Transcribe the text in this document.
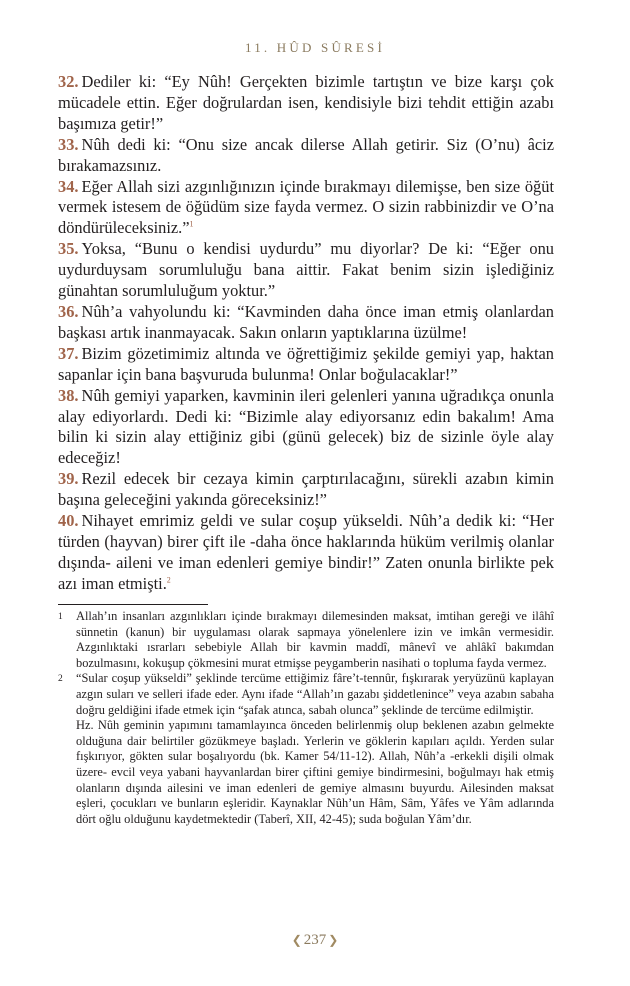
11. HÛD SÛRESİ

32. Dediler ki: “Ey Nûh! Gerçekten bizimle tartıştın ve bize karşı çok mücadele ettin. Eğer doğrulardan isen, kendisiyle bizi tehdit ettiğin azabı başımıza getir!”

33. Nûh dedi ki: “Onu size ancak dilerse Allah getirir. Siz (O’nu) âciz bırakamazsınız.

34. Eğer Allah sizi azgınlığınızın içinde bırakmayı dilemişse, ben size öğüt vermek istesem de öğüdüm size fayda vermez. O sizin rabbinizdir ve O’na döndürüleceksiniz.”$^1$

35. Yoksa, “Bunu o kendisi uydurdu” mu diyorlar? De ki: “Eğer onu uydurduysam sorumluluğu bana aittir. Fakat benim sizin işlediğiniz günahtan sorumluluğum yoktur.”

36. Nûh’a vahyolundu ki: “Kavminden daha önce iman etmiş olanlardan başkası artık inanmayacak. Sakın onların yaptıklarına üzülme!

37. Bizim gözetimimiz altında ve öğrettiğimiz şekilde gemiyi yap, haktan sapanlar için bana başvuruda bulunma! Onlar boğulacaklar!”

38. Nûh gemiyi yaparken, kavminin ileri gelenleri yanına uğradıkça onunla alay ediyorlardı. Dedi ki: “Bizimle alay ediyorsanız edin bakalım! Ama bilin ki sizin alay ettiğiniz gibi (günü gelecek) biz de sizinle öyle alay edeceğiz!

39. Rezil edecek bir cezaya kimin çarptırılacağını, sürekli azabın kimin başına geleceğini yakında göreceksiniz!”

40. Nihayet emrimiz geldi ve sular coşup yükseldi. Nûh’a dedik ki: “Her türden (hayvan) birer çift ile -daha önce haklarında hüküm verilmiş olanlar dışında- aileni ve iman edenleri gemiye bindir!” Zaten onunla birlikte pek azı iman etmişti.$^2$

1	Allah’ın insanları azgınlıkları içinde bırakmayı dilemesinden maksat, imtihan gereği ve ilâhî sünnetin (kanun) bir uygulaması olarak sapmaya yönelenlere izin ve imkân vermesidir. Azgınlıktaki ısrarları sebebiyle Allah bir kavmin maddî, mânevî ve ahlâkî bakımdan bozulmasını, kokuşup çökmesini murat etmişse peygamberin nasihati o topluma fayda vermez.

2	“Sular coşup yükseldi” şeklinde tercüme ettiğimiz fâre’t-tennûr, fışkırarak yeryüzünü kaplayan azgın suları ve selleri ifade eder. Aynı ifade “Allah’ın gazabı şiddetlenince” veya azabın sabaha doğru geldiğini ifade etmek için “şafak atınca, sabah olunca” şeklinde de tercüme edilmiştir.

Hz. Nûh geminin yapımını tamamlayınca önceden belirlenmiş olup beklenen azabın gelmekte olduğuna dair belirtiler gözükmeye başladı. Yerlerin ve göklerin kapıları açıldı. Yerden sular fışkırıyor, gökten sular boşalıyordu (bk. Kamer 54/11-12). Allah, Nûh’a -erkekli dişili olmak üzere- evcil veya yabani hayvanlardan birer çiftini gemiye bindirmesini, boğulmayı hak etmiş olanların dışında ailesini ve iman edenleri de gemiye almasını buyurdu. Ailesinden maksat eşleri, çocukları ve bunların eşleridir. Kaynaklar Nûh’un Hâm, Sâm, Yâfes ve Yâm adlarında dört oğlu olduğunu kaydetmektedir (Taberî, XII, 42-45); suda boğulan Yâm’dır.

❮ 237 ❯
